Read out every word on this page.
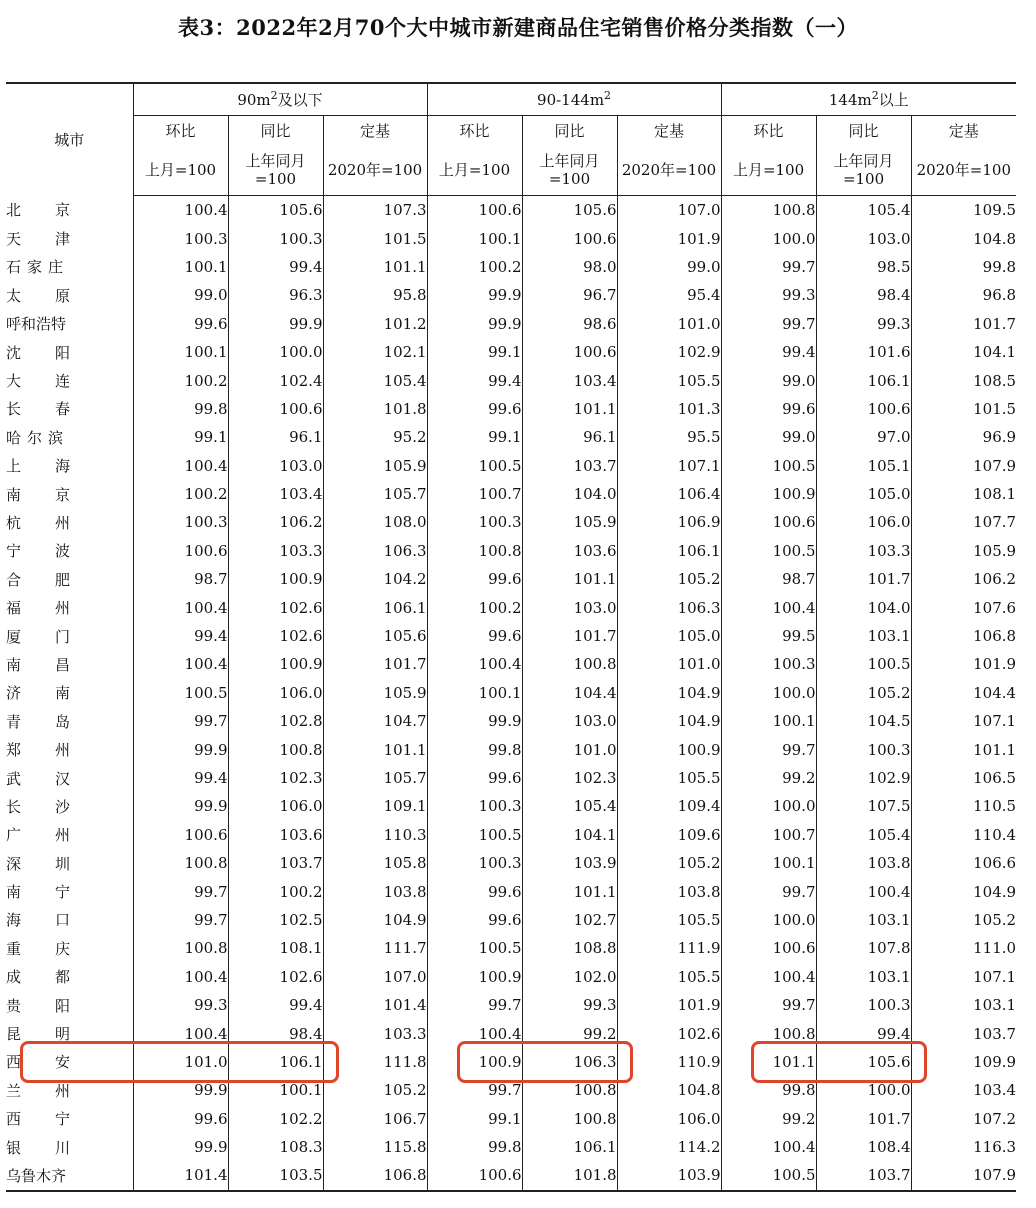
表3：2022年2月70个大中城市新建商品住宅销售价格分类指数（一）
城市	$90m^2$及以下			$90-144m^2$			$144m^2$以上		
	环比	同比	定基	环比	同比	定基	环比	同比	定基
	上月=100	上年同月=100	2020年=100	上月=100	上年同月=100	2020年=100	上月=100	上年同月=100	2020年=100
北京	100.4	105.6	107.3	100.6	105.6	107.0	100.8	105.4	109.5
天津	100.3	100.3	101.5	100.1	100.6	101.9	100.0	103.0	104.8
石家庄	100.1	99.4	101.1	100.2	98.0	99.0	99.7	98.5	99.8
太原	99.0	96.3	95.8	99.9	96.7	95.4	99.3	98.4	96.8
呼和浩特	99.6	99.9	101.2	99.9	98.6	101.0	99.7	99.3	101.7
沈阳	100.1	100.0	102.1	99.1	100.6	102.9	99.4	101.6	104.1
大连	100.2	102.4	105.4	99.4	103.4	105.5	99.0	106.1	108.5
长春	99.8	100.6	101.8	99.6	101.1	101.3	99.6	100.6	101.5
哈尔滨	99.1	96.1	95.2	99.1	96.1	95.5	99.0	97.0	96.9
上海	100.4	103.0	105.9	100.5	103.7	107.1	100.5	105.1	107.9
南京	100.2	103.4	105.7	100.7	104.0	106.4	100.9	105.0	108.1
杭州	100.3	106.2	108.0	100.3	105.9	106.9	100.6	106.0	107.7
宁波	100.6	103.3	106.3	100.8	103.6	106.1	100.5	103.3	105.9
合肥	98.7	100.9	104.2	99.6	101.1	105.2	98.7	101.7	106.2
福州	100.4	102.6	106.1	100.2	103.0	106.3	100.4	104.0	107.6
厦门	99.4	102.6	105.6	99.6	101.7	105.0	99.5	103.1	106.8
南昌	100.4	100.9	101.7	100.4	100.8	101.0	100.3	100.5	101.9
济南	100.5	106.0	105.9	100.1	104.4	104.9	100.0	105.2	104.4
青岛	99.7	102.8	104.7	99.9	103.0	104.9	100.1	104.5	107.1
郑州	99.9	100.8	101.1	99.8	101.0	100.9	99.7	100.3	101.1
武汉	99.4	102.3	105.7	99.6	102.3	105.5	99.2	102.9	106.5
长沙	99.9	106.0	109.1	100.3	105.4	109.4	100.0	107.5	110.5
广州	100.6	103.6	110.3	100.5	104.1	109.6	100.7	105.4	110.4
深圳	100.8	103.7	105.8	100.3	103.9	105.2	100.1	103.8	106.6
南宁	99.7	100.2	103.8	99.6	101.1	103.8	99.7	100.4	104.9
海口	99.7	102.5	104.9	99.6	102.7	105.5	100.0	103.1	105.2
重庆	100.8	108.1	111.7	100.5	108.8	111.9	100.6	107.8	111.0
成都	100.4	102.6	107.0	100.9	102.0	105.5	100.4	103.1	107.1
贵阳	99.3	99.4	101.4	99.7	99.3	101.9	99.7	100.3	103.1
昆明	100.4	98.4	103.3	100.4	99.2	102.6	100.8	99.4	103.7
西安	101.0	106.1	111.8	100.9	106.3	110.9	101.1	105.6	109.9
兰州	99.9	100.1	105.2	99.7	100.8	104.8	99.8	100.0	103.4
西宁	99.6	102.2	106.7	99.1	100.8	106.0	99.2	101.7	107.2
银川	99.9	108.3	115.8	99.8	106.1	114.2	100.4	108.4	116.3
乌鲁木齐	101.4	103.5	106.8	100.6	101.8	103.9	100.5	103.7	107.9
